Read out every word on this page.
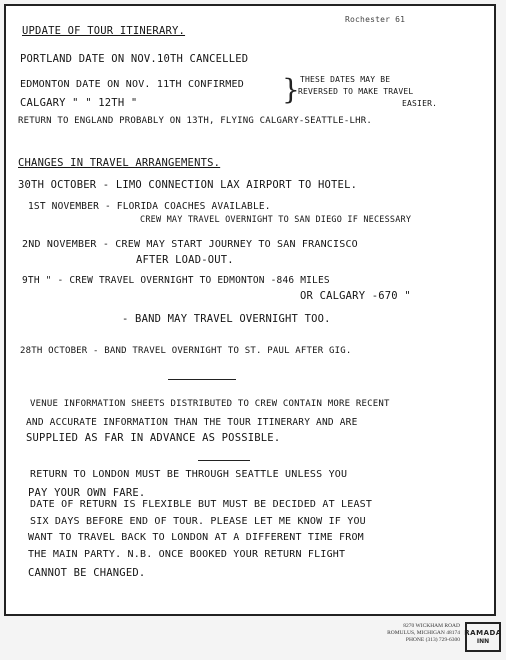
Rochester 61
UPDATE OF TOUR ITINERARY.
PORTLAND DATE ON NOV.10TH CANCELLED
EDMONTON DATE ON NOV. 11TH CONFIRMED
CALGARY " " 12TH "	} THESE DATES MAY BE
REVERSED TO MAKE TRAVEL
EASIER.
RETURN TO ENGLAND PROBABLY ON 13TH, FLYING CALGARY-SEATTLE-LHR.
CHANGES IN TRAVEL ARRANGEMENTS.
30TH OCTOBER - LIMO CONNECTION LAX AIRPORT TO HOTEL.
1ST NOVEMBER - FLORIDA COACHES AVAILABLE.
CREW MAY TRAVEL OVERNIGHT TO SAN DIEGO IF NECESSARY
2ND NOVEMBER - CREW MAY START JOURNEY TO SAN FRANCISCO
AFTER LOAD-OUT.
9TH " - CREW TRAVEL OVERNIGHT TO EDMONTON -846 MILES
OR CALGARY -670 "
- BAND MAY TRAVEL OVERNIGHT TOO.
28TH OCTOBER - BAND TRAVEL OVERNIGHT TO ST. PAUL AFTER GIG.
VENUE INFORMATION SHEETS DISTRIBUTED TO CREW CONTAIN MORE RECENT
AND ACCURATE INFORMATION THAN THE TOUR ITINERARY AND ARE
SUPPLIED AS FAR IN ADVANCE AS POSSIBLE.
RETURN TO LONDON MUST BE THROUGH SEATTLE UNLESS YOU
PAY YOUR OWN FARE.
DATE OF RETURN IS FLEXIBLE BUT MUST BE DECIDED AT LEAST
SIX DAYS BEFORE END OF TOUR. PLEASE LET ME KNOW IF YOU
WANT TO TRAVEL BACK TO LONDON AT A DIFFERENT TIME FROM
THE MAIN PARTY. N.B. ONCE BOOKED YOUR RETURN FLIGHT
CANNOT BE CHANGED.
8270 WICKHAM ROAD
ROMULUS, MICHIGAN 48174
PHONE (313) 729-6300
RAMADA
INN
